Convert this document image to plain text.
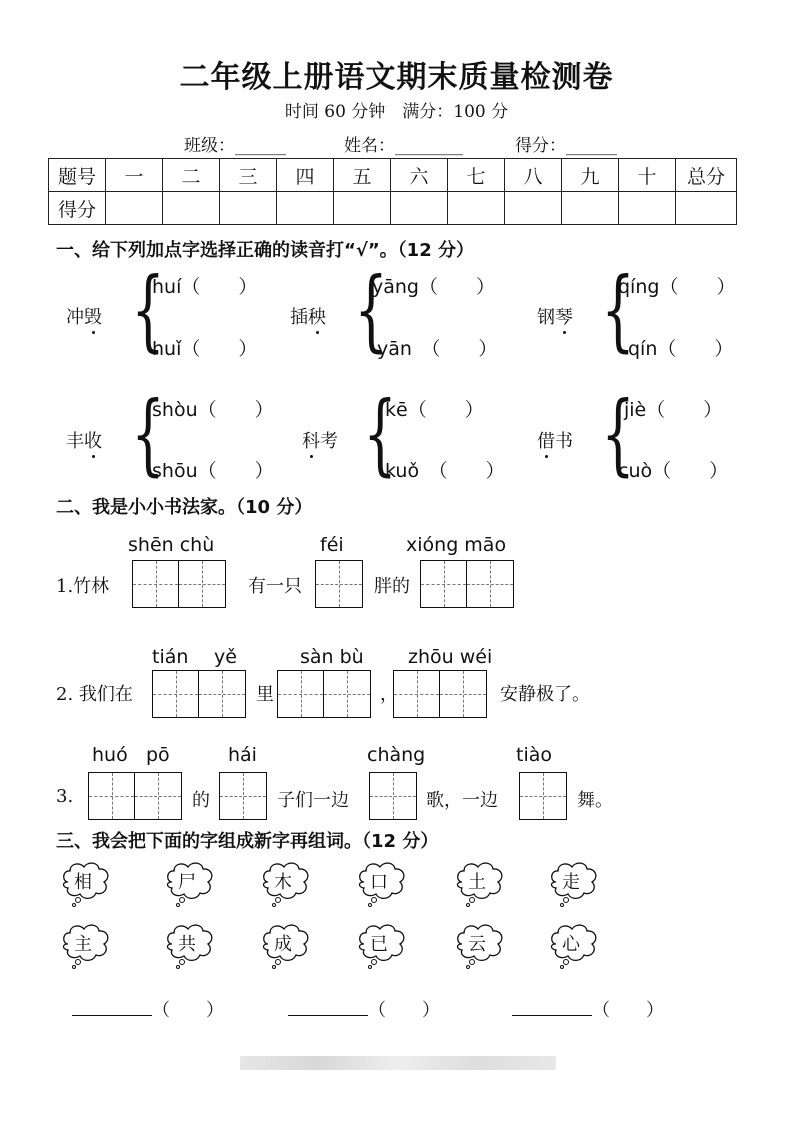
二年级上册语文期末质量检测卷
时间 60 分钟　满分：100 分
班级：______	姓名：________	得分：______
题号	一	二	三	四	五	六	七	八	九	十	总分
得分											
一、给下列加点字选择正确的读音打“√”。（12 分）
冲毁 {
huí（　　）
huǐ（　　）
插秧 {
yāng（　　）
yān　（　　）
钢琴 {
qíng（　　）
qín（　　）
丰收 {
shòu（　　）
shōu（　　）
科考 {
kē（　　）
kuǒ　（　　）
借书 {
jiè（　　）
cuò（　　）
二、我是小小书法家。（10 分）
shēn chù	féi	xióng māo
1.竹林	有一只	胖的
tián yě	sàn bù zhōu wéi
2. 我们在	里	，	安静极了。
huó pō	hái	chàng	tiào
3.	的	子们一边	歌，一边	舞。
三、我会把下面的字组成新字再组词。（12 分）
相	尸	木	口	土	走
主	共	成	已	云	心
（　　）	（　　）	（　　）
